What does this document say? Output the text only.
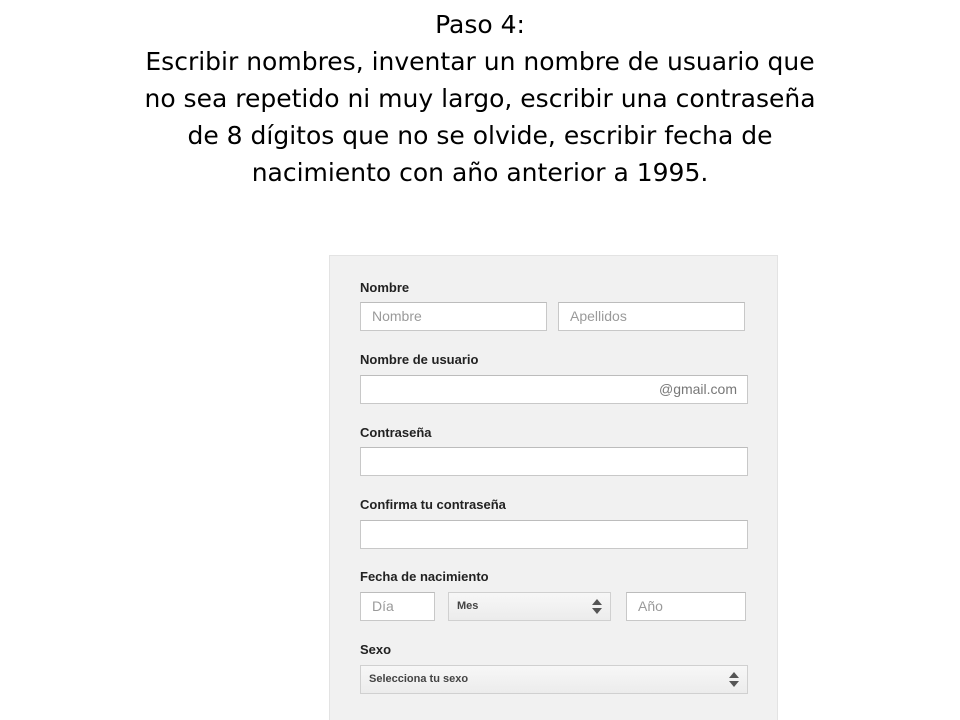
Paso 4:
Escribir nombres, inventar un nombre de usuario que
no sea repetido ni muy largo, escribir una contraseña
de 8 dígitos que no se olvide, escribir fecha de
nacimiento con año anterior a 1995.
Nombre
Nombre	Apellidos
Nombre de usuario
@gmail.com
Contraseña
Confirma tu contraseña
Fecha de nacimiento
Día	Mes	Año
Sexo
Selecciona tu sexo
